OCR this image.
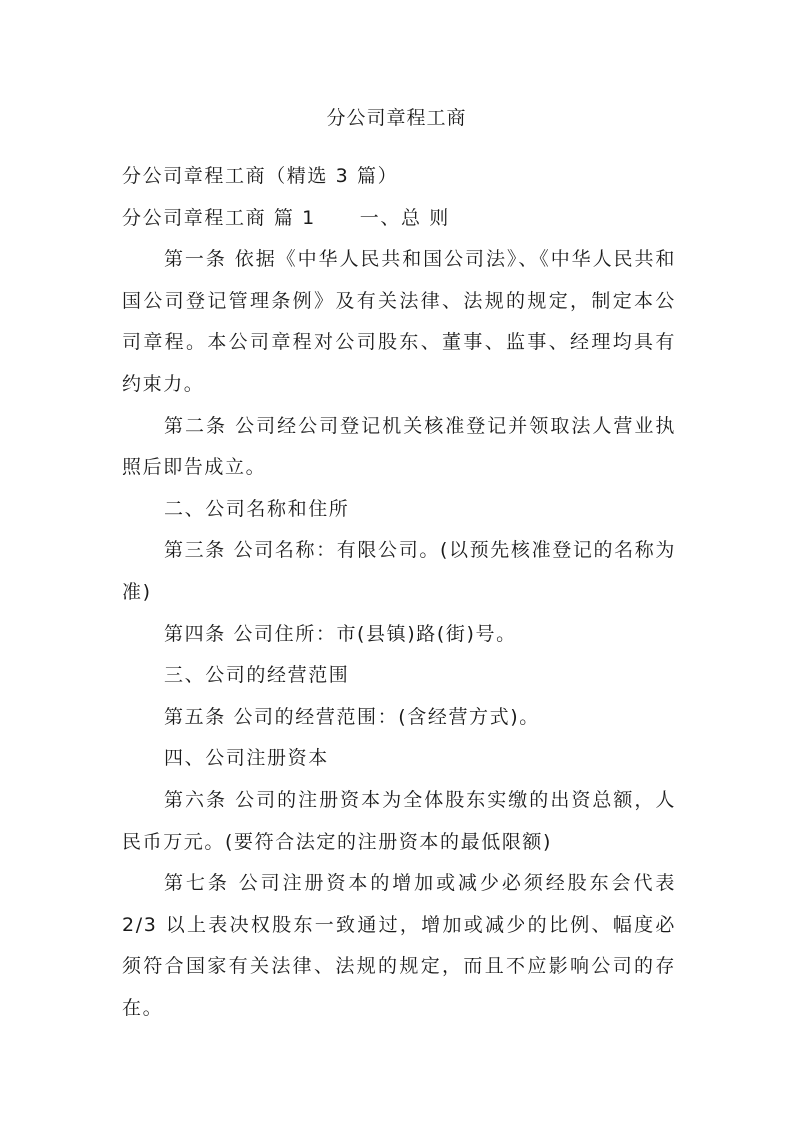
分公司章程工商

分公司章程工商（精选 3 篇）

分公司章程工商 篇 1 一、总 则

第一条 依据《中华人民共和国公司法》、《中华人民共和国公司登记管理条例》及有关法律、法规的规定，制定本公司章程。本公司章程对公司股东、董事、监事、经理均具有约束力。

第二条 公司经公司登记机关核准登记并领取法人营业执照后即告成立。

二、公司名称和住所

第三条 公司名称：有限公司。(以预先核准登记的名称为准)

第四条 公司住所：市(县镇)路(街)号。

三、公司的经营范围

第五条 公司的经营范围：(含经营方式)。

四、公司注册资本

第六条 公司的注册资本为全体股东实缴的出资总额，人民币万元。(要符合法定的注册资本的最低限额)

第七条 公司注册资本的增加或减少必须经股东会代表 2/3 以上表决权股东一致通过，增加或减少的比例、幅度必须符合国家有关法律、法规的规定，而且不应影响公司的存在。
